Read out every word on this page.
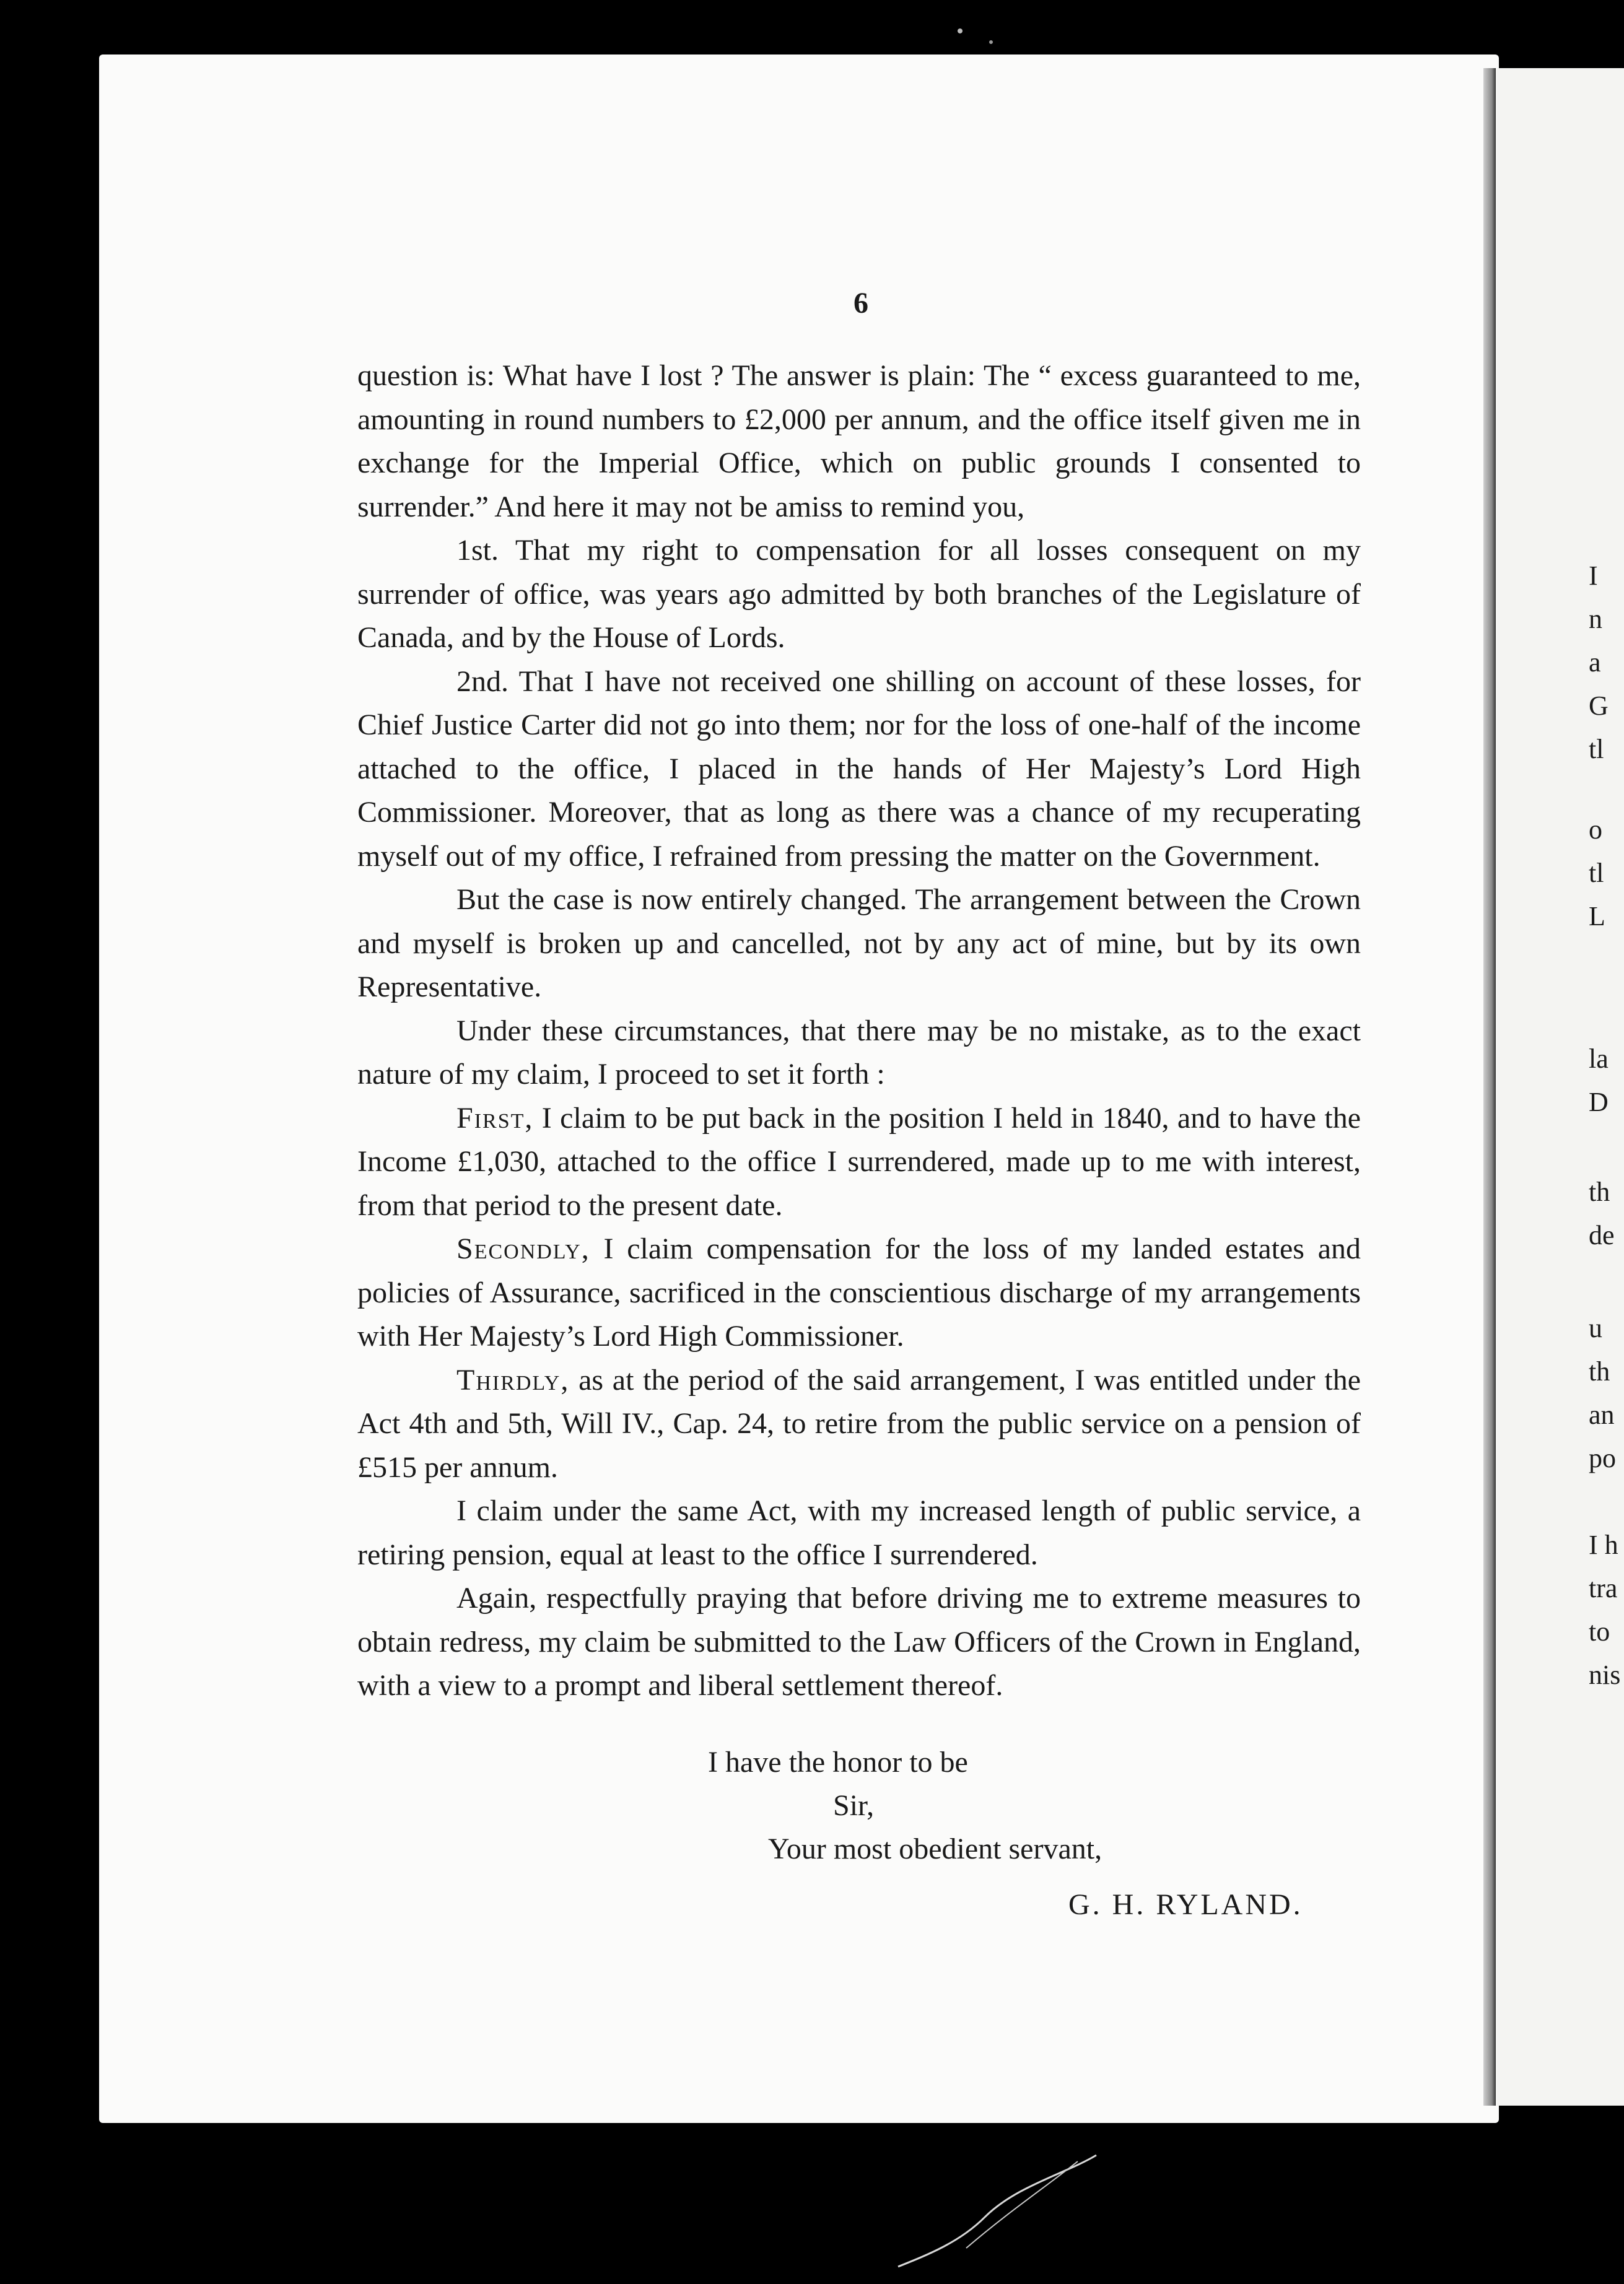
I
n
a
G
tl
o
tl
L
la
D
th
de
u
th
an
po
I h
tra
to
nis
6

question is: What have I lost ? The answer is plain: The “ excess guaranteed to me, amounting in round numbers to £2,000 per annum, and the office itself given me in exchange for the Imperial Office, which on public grounds I consented to surrender.” And here it may not be amiss to remind you,

1st. That my right to compensation for all losses consequent on my surrender of office, was years ago admitted by both branches of the Legislature of Canada, and by the House of Lords.

2nd. That I have not received one shilling on account of these losses, for Chief Justice Carter did not go into them; nor for the loss of one-half of the income attached to the office, I placed in the hands of Her Majesty’s Lord High Commissioner. Moreover, that as long as there was a chance of my recuperating myself out of my office, I refrained from pressing the matter on the Government.

But the case is now entirely changed. The arrangement between the Crown and myself is broken up and cancelled, not by any act of mine, but by its own Representative.

Under these circumstances, that there may be no mistake, as to the exact nature of my claim, I proceed to set it forth :

First, I claim to be put back in the position I held in 1840, and to have the Income £1,030, attached to the office I surrendered, made up to me with interest, from that period to the present date.

Secondly, I claim compensation for the loss of my landed estates and policies of Assurance, sacrificed in the conscientious discharge of my arrangements with Her Majesty’s Lord High Commissioner.

Thirdly, as at the period of the said arrangement, I was entitled under the Act 4th and 5th, Will IV., Cap. 24, to retire from the public service on a pension of £515 per annum.

I claim under the same Act, with my increased length of public service, a retiring pension, equal at least to the office I surrendered.

Again, respectfully praying that before driving me to extreme measures to obtain redress, my claim be submitted to the Law Officers of the Crown in England, with a view to a prompt and liberal settlement thereof.

I have the honor to be
Sir,
Your most obedient servant,
G. H. RYLAND.
